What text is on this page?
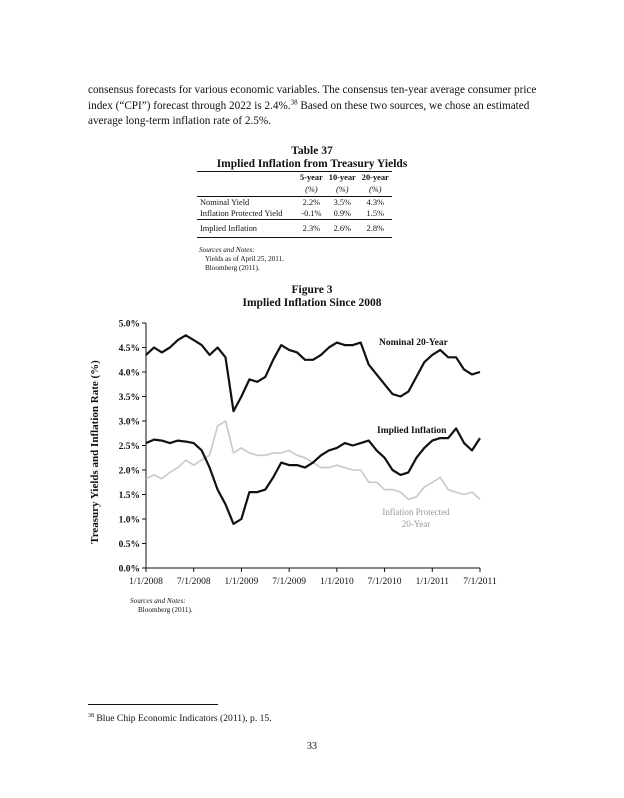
consensus forecasts for various economic variables. The consensus ten-year average consumer price index (“CPI”) forecast through 2022 is 2.4%.$^{38}$ Based on these two sources, we chose an estimated average long-term inflation rate of 2.5%.
Table 37
Implied Inflation from Treasury Yields
	5-year	10-year	20-year
	(%)	(%)	(%)
Nominal Yield	2.2%	3.5%	4.3%
Inflation Protected Yield	-0.1%	0.9%	1.5%
Implied Inflation	2.3%	2.6%	2.8%
Sources and Notes:
Yields as of April 25, 2011.
Bloomberg (2011).
Figure 3
Implied Inflation Since 2008
0.0%
0.5%
1.0%
1.5%
2.0%
2.5%
3.0%
3.5%
4.0%
4.5%
5.0%
1/1/2008 7/1/2008 1/1/2009 7/1/2009 1/1/2010 7/1/2010 1/1/2011 7/1/2011
Treasury Yields and Inflation Rate (%)
Nominal 20-Year
Implied Inflation
Inflation Protected
20-Year
Sources and Notes:
Bloomberg (2011).
$^{38}$ Blue Chip Economic Indicators (2011), p. 15.
33
